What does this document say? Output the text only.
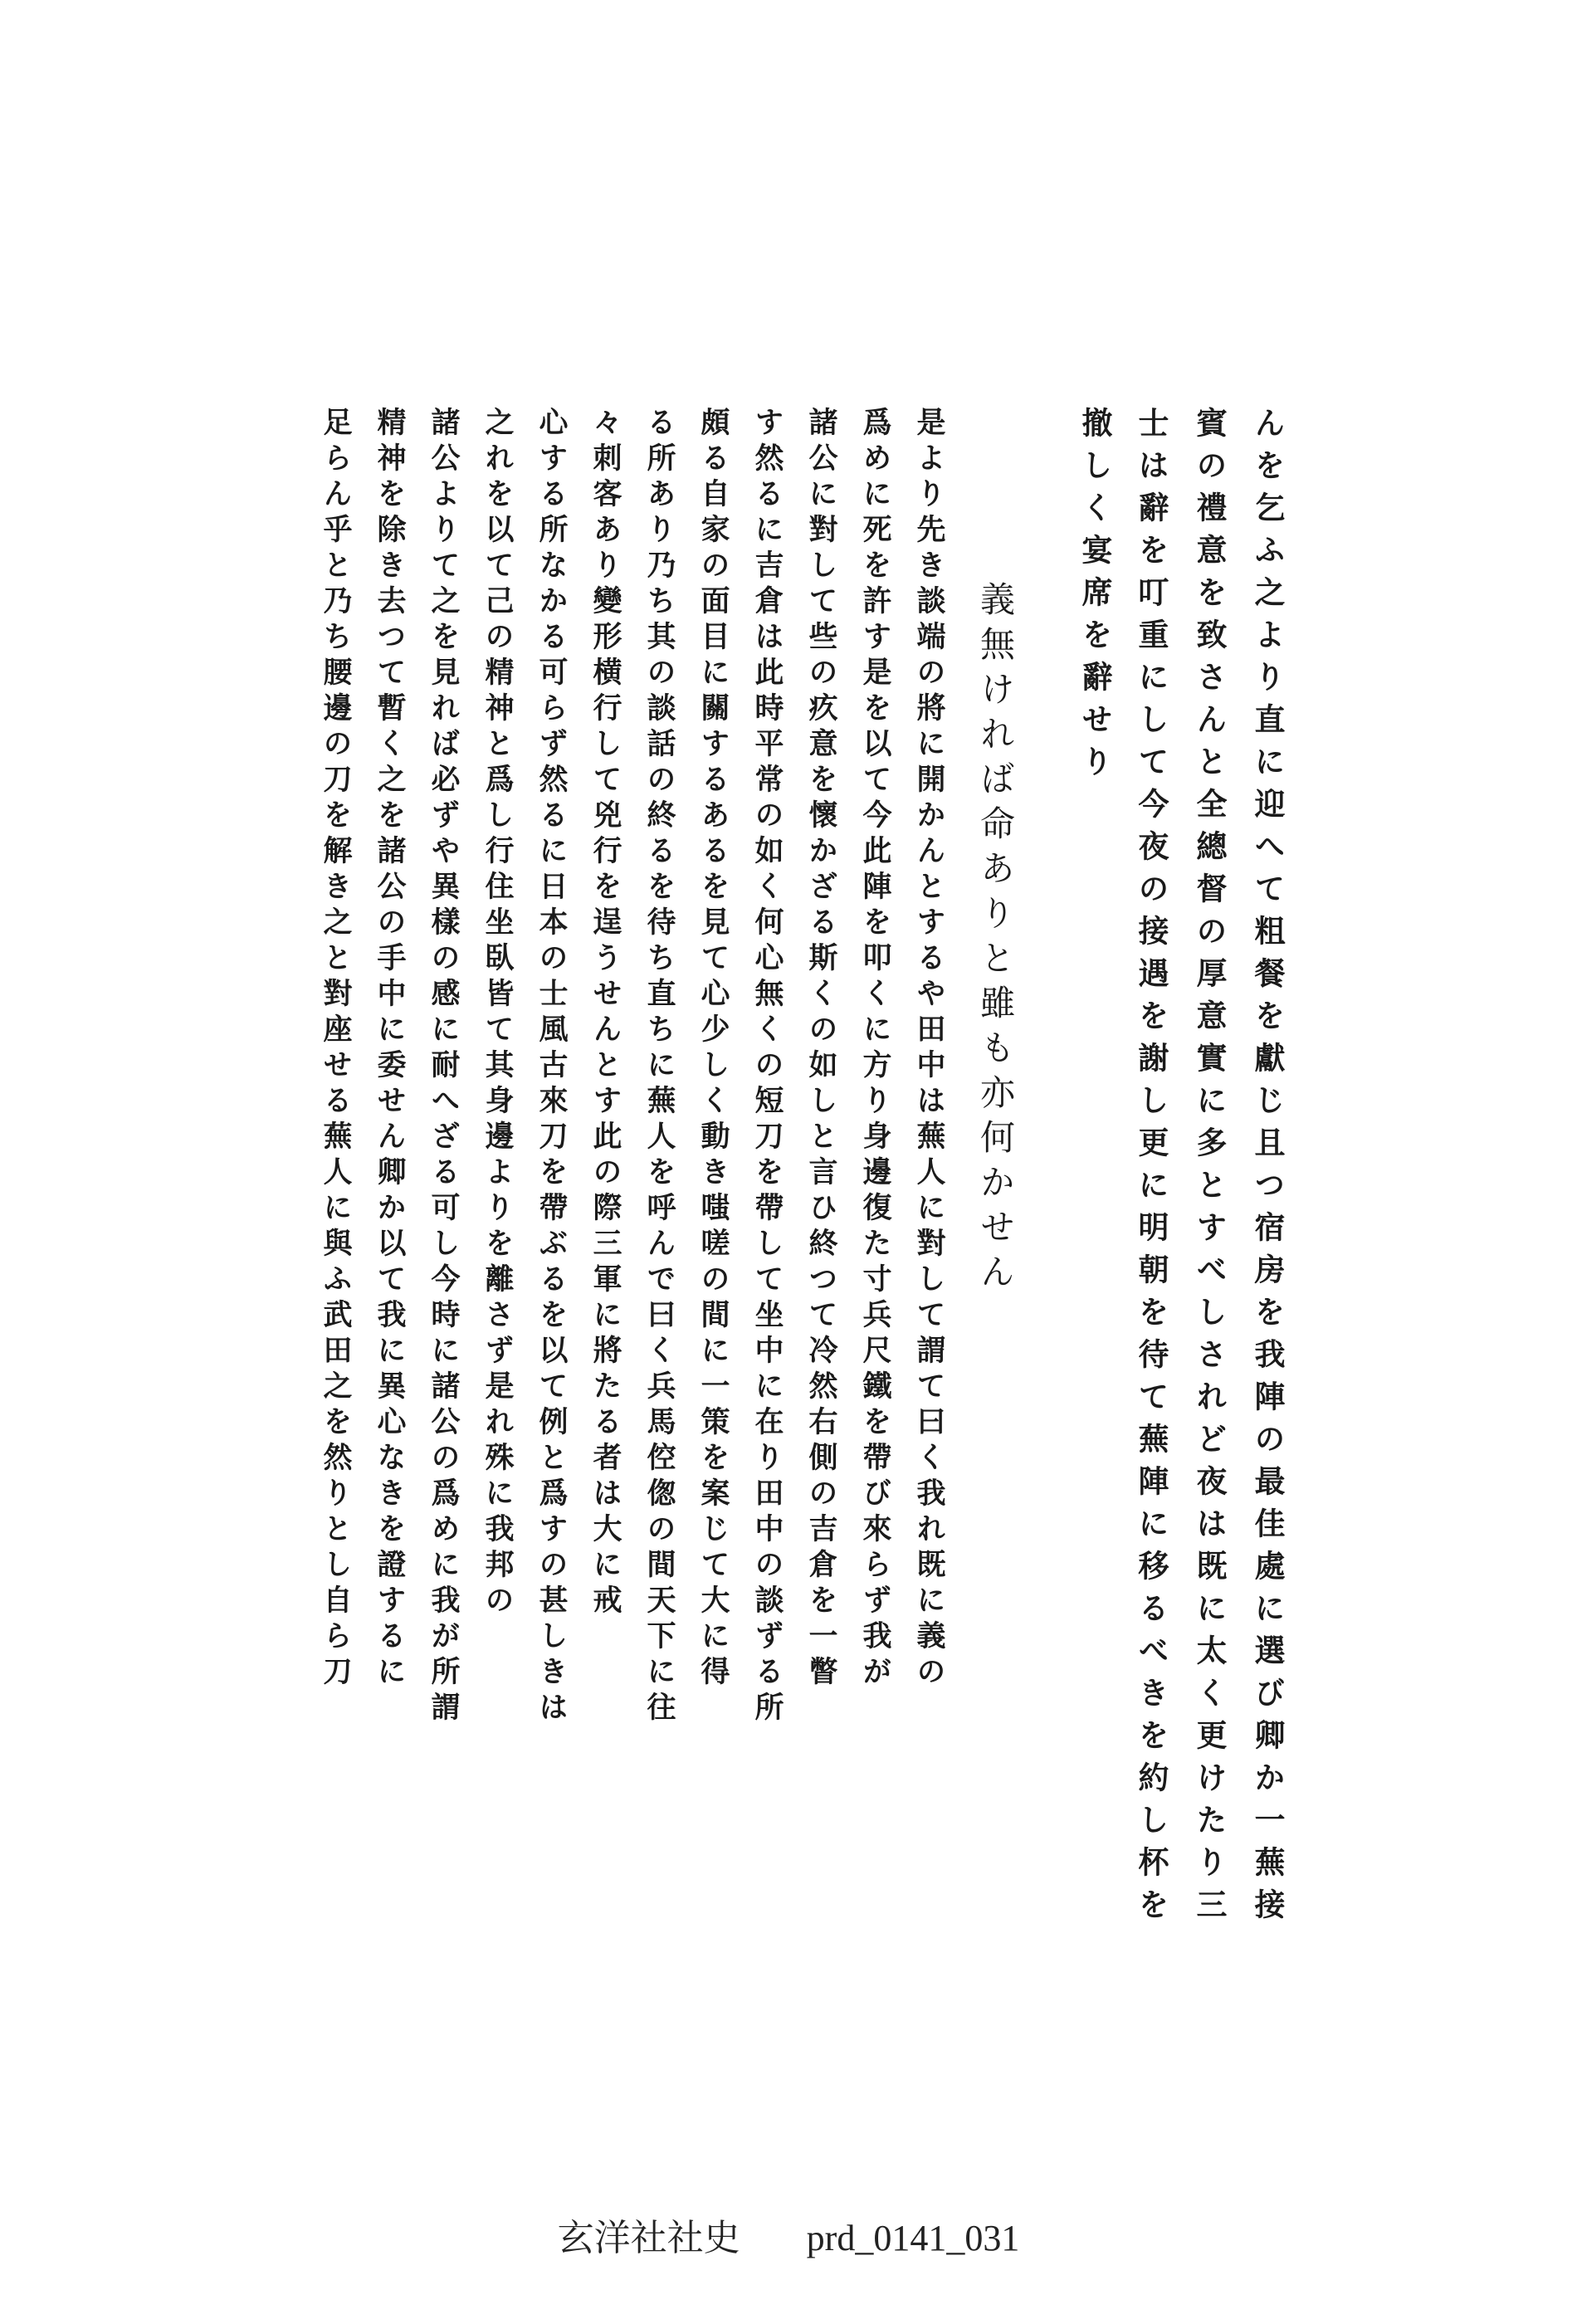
んを乞ふ之より直に迎へて粗餐を獻じ且つ宿房を我陣の最佳處に選び卿か一蕪接
賓の禮意を致さんと全總督の厚意實に多とすべしされど夜は既に太く更けたり三
士は辭を叮重にして今夜の接遇を謝し更に明朝を待て蕪陣に移るべきを約し杯を
撤しく宴席を辭せり
義無ければ命ありと雖も亦何かせん
是より先き談端の將に開かんとするや田中は蕪人に對して謂て曰く我れ既に義の
爲めに死を許す是を以て今此陣を叩くに方り身邊復た寸兵尺鐵を帶び來らず我が
諸公に對して些の疚意を懷かざる斯くの如しと言ひ終つて冷然右側の吉倉を一瞥
す然るに吉倉は此時平常の如く何心無くの短刀を帶して坐中に在り田中の談ずる所
頗る自家の面目に關するあるを見て心少しく動き嗤嗟の間に一策を案じて大に得
る所あり乃ち其の談話の終るを待ち直ちに蕪人を呼んで曰く兵馬倥偬の間天下に往
々刺客あり變形横行して兇行を逞うせんとす此の際三軍に將たる者は大に戒
心する所なかる可らず然るに日本の士風古來刀を帶ぶるを以て例と爲すの甚しきは
之れを以て己の精神と爲し行住坐臥皆て其身邊よりを離さず是れ殊に我邦の
諸公よりて之を見れば必ずや異樣の感に耐へざる可し今時に諸公の爲めに我が所謂
精神を除き去つて暫く之を諸公の手中に委せん卿か以て我に異心なきを證するに
足らん乎と乃ち腰邊の刀を解き之と對座せる蕪人に與ふ武田之を然りとし自ら刀
玄洋社社史 prd_0141_031
